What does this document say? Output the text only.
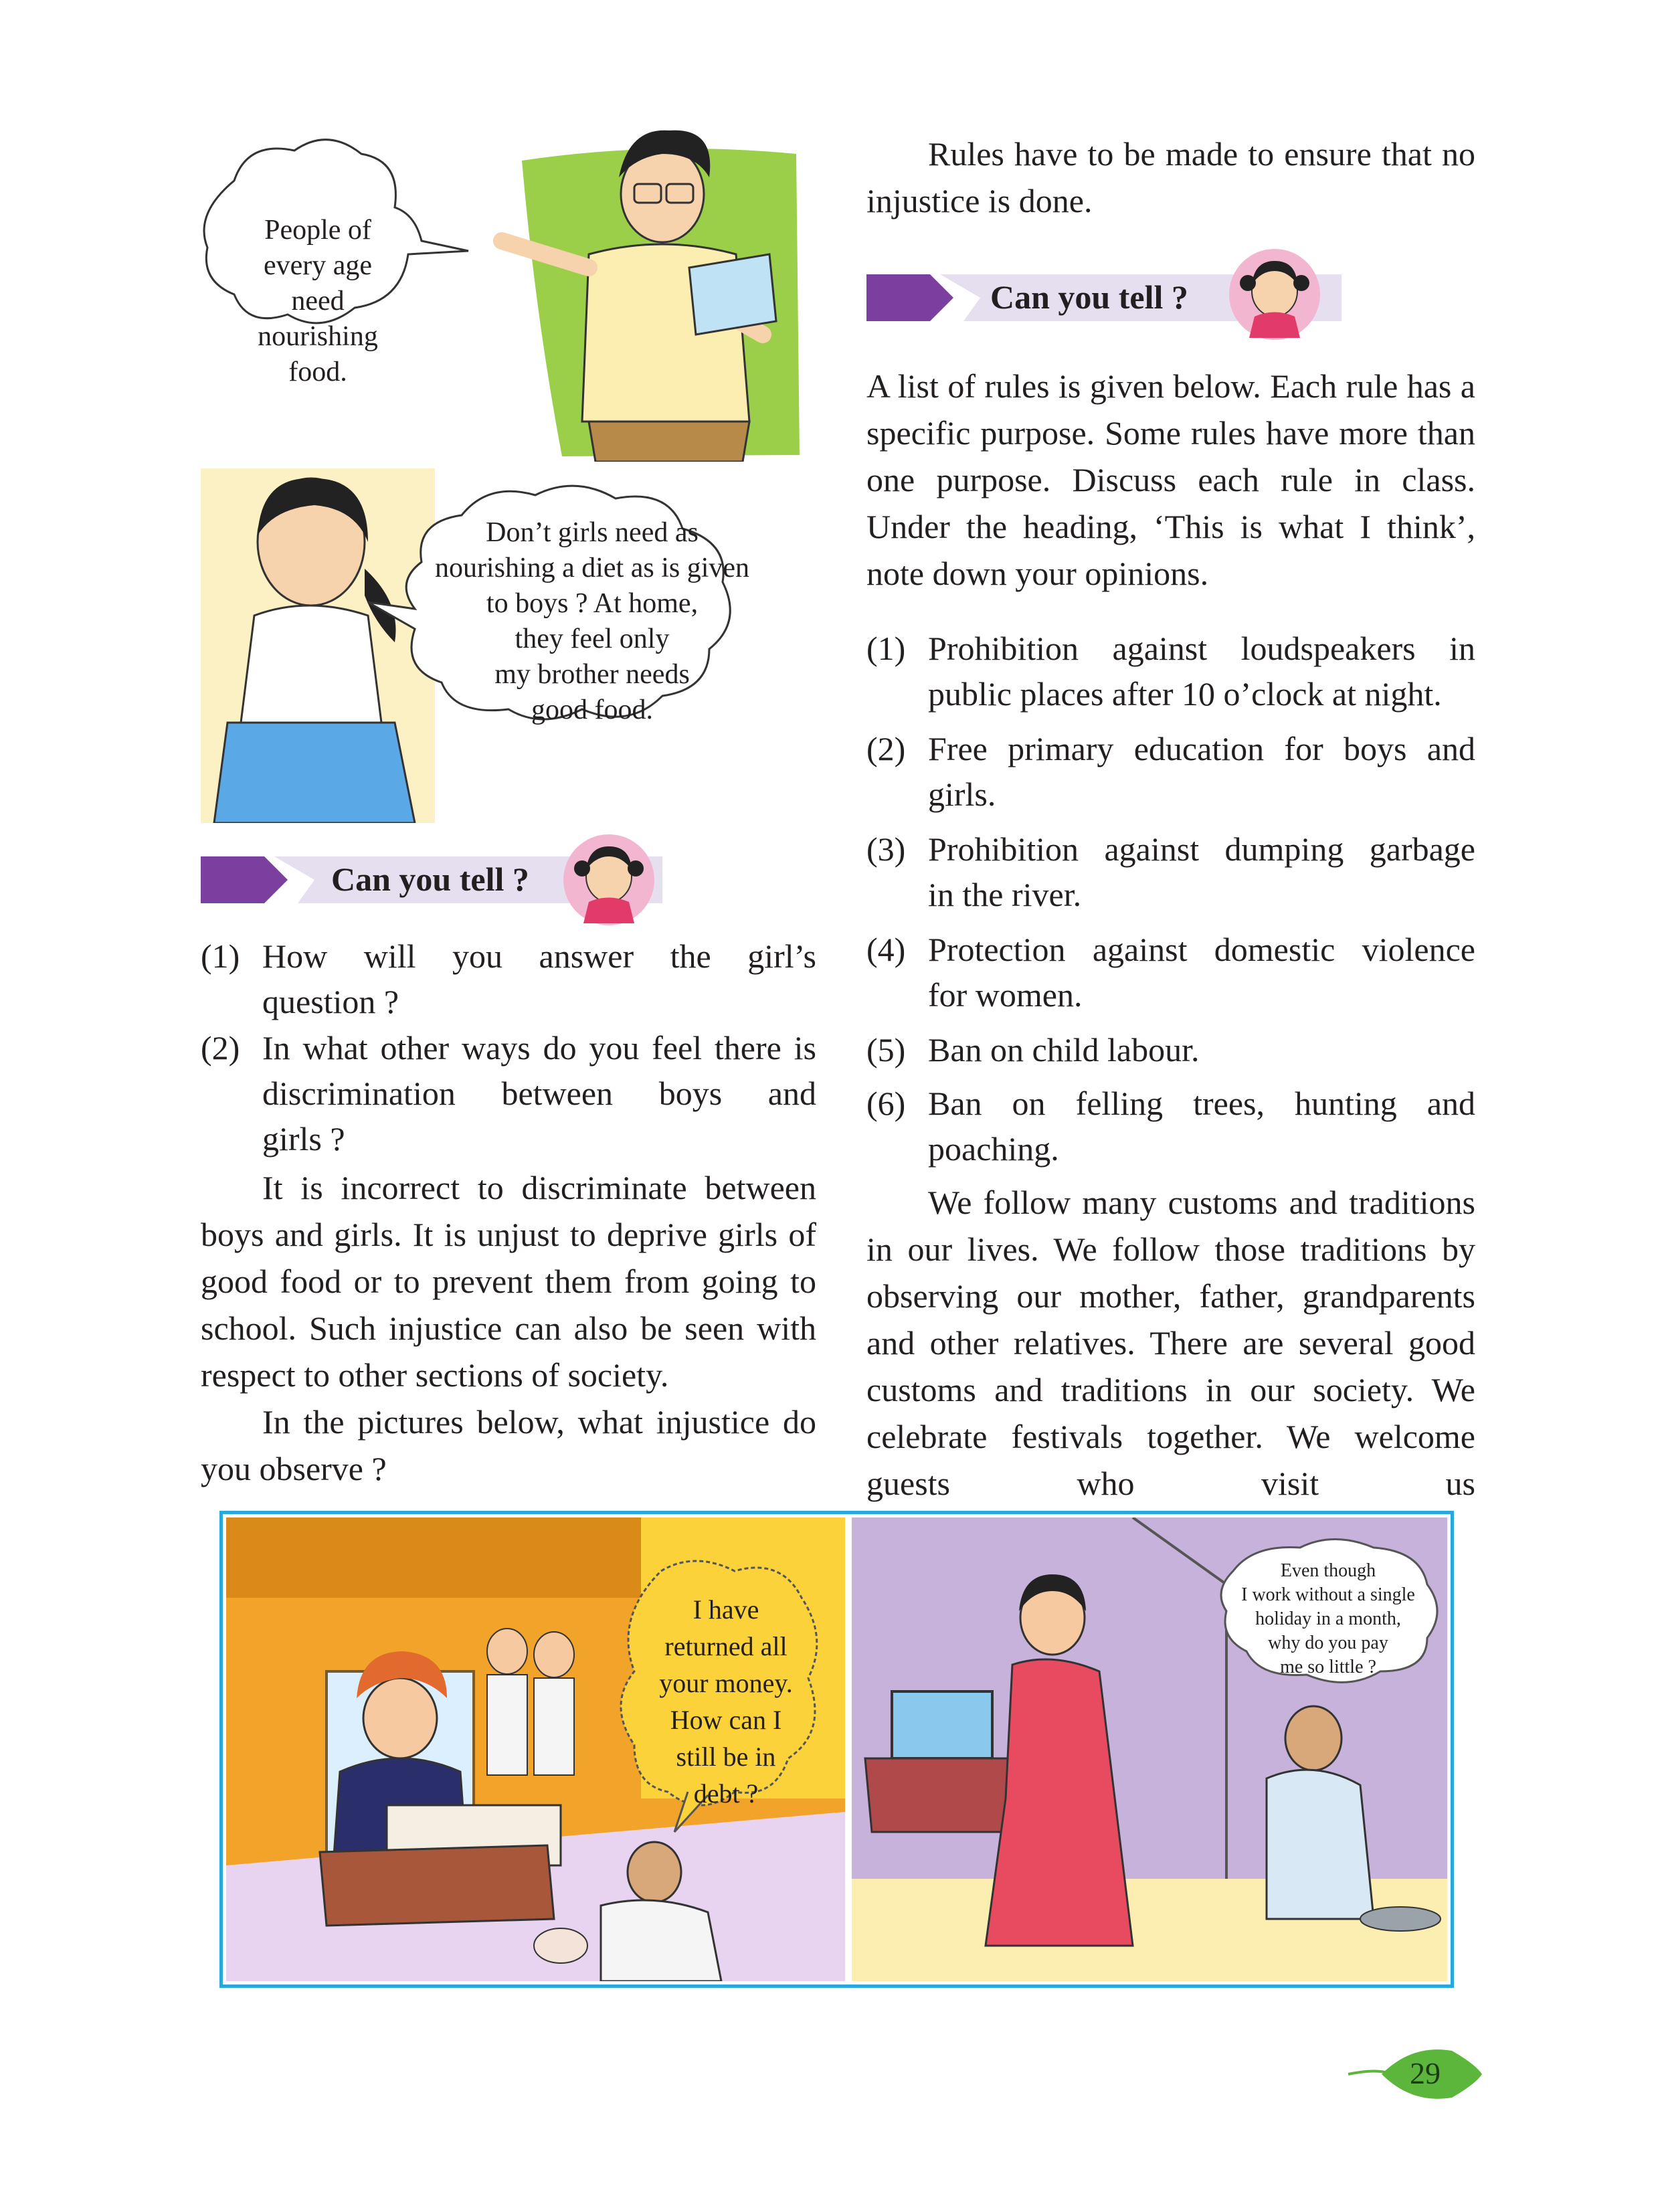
People of
every age
need
nourishing
food.
Don’t girls need as
nourishing a diet as is given
to boys ? At home,
they feel only
my brother needs
good food.
Can you tell ?
(1) How will you answer the girl’s
question ?
(2) In what other ways do you feel there is
discrimination between boys and
girls ?

It is incorrect to discriminate between boys and girls. It is unjust to deprive girls of good food or to prevent them from going to school. Such injustice can also be seen with respect to other sections of society.

In the pictures below, what injustice do you observe ?

Rules have to be made to ensure that no injustice is done.

Can you tell ?

A list of rules is given below. Each rule has a specific purpose. Some rules have more than one purpose. Discuss each rule in class. Under the heading, ‘This is what I think’, note down your opinions.

(1) Prohibition against loudspeakers in
public places after 10 o’clock at night.
(2) Free primary education for boys and
girls.
(3) Prohibition against dumping garbage
in the river.
(4) Protection against domestic violence
for women.
(5) Ban on child labour.
(6) Ban on felling trees, hunting and
poaching.

We follow many customs and traditions in our lives. We follow those traditions by observing our mother, father, grandparents and other relatives. There are several good customs and traditions in our society. We celebrate festivals together. We welcome guests who visit us

I have
returned all
your money.
How can I
still be in
debt ?
Even though
I work without a single
holiday in a month,
why do you pay
me so little ?
29
